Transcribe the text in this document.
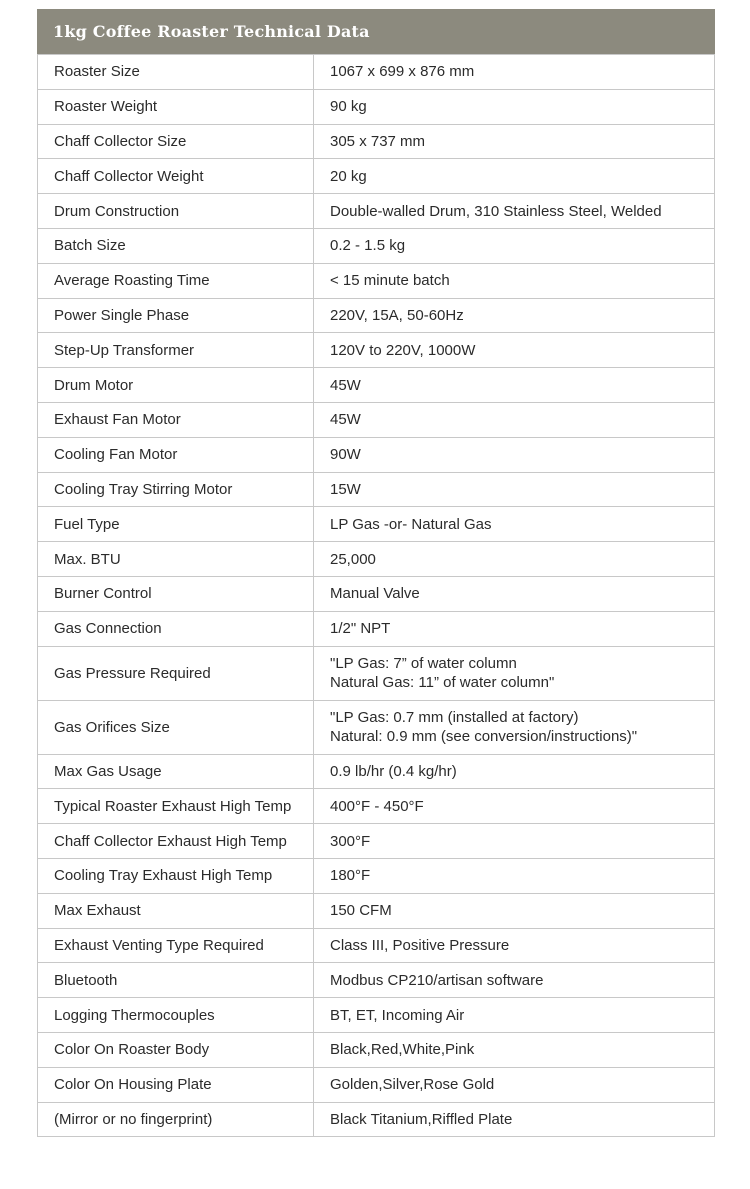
1kg Coffee Roaster Technical Data
Roaster Size	1067 x 699 x 876 mm
Roaster Weight	90 kg
Chaff Collector Size	305 x 737 mm
Chaff Collector Weight	20 kg
Drum Construction	Double-walled Drum, 310 Stainless Steel, Welded
Batch Size	0.2 - 1.5 kg
Average Roasting Time	< 15 minute batch
Power Single Phase	220V, 15A, 50-60Hz
Step-Up Transformer	120V to 220V, 1000W
Drum Motor	45W
Exhaust Fan Motor	45W
Cooling Fan Motor	90W
Cooling Tray Stirring Motor	15W
Fuel Type	LP Gas -or- Natural Gas
Max. BTU	25,000
Burner Control	Manual Valve
Gas Connection	1/2" NPT
Gas Pressure Required	"LP Gas: 7” of water column
Natural Gas: 11” of water column"
Gas Orifices Size	"LP Gas: 0.7 mm (installed at factory)
Natural: 0.9 mm (see conversion/instructions)"
Max Gas Usage	0.9 lb/hr (0.4 kg/hr)
Typical Roaster Exhaust High Temp	400°F - 450°F
Chaff Collector Exhaust High Temp	300°F
Cooling Tray Exhaust High Temp	180°F
Max Exhaust	150 CFM
Exhaust Venting Type Required	Class III, Positive Pressure
Bluetooth	Modbus CP210/artisan software
Logging Thermocouples	BT, ET, Incoming Air
Color On Roaster Body	Black,Red,White,Pink
Color On Housing Plate	Golden,Silver,Rose Gold
(Mirror or no fingerprint)	Black Titanium,Riffled Plate
